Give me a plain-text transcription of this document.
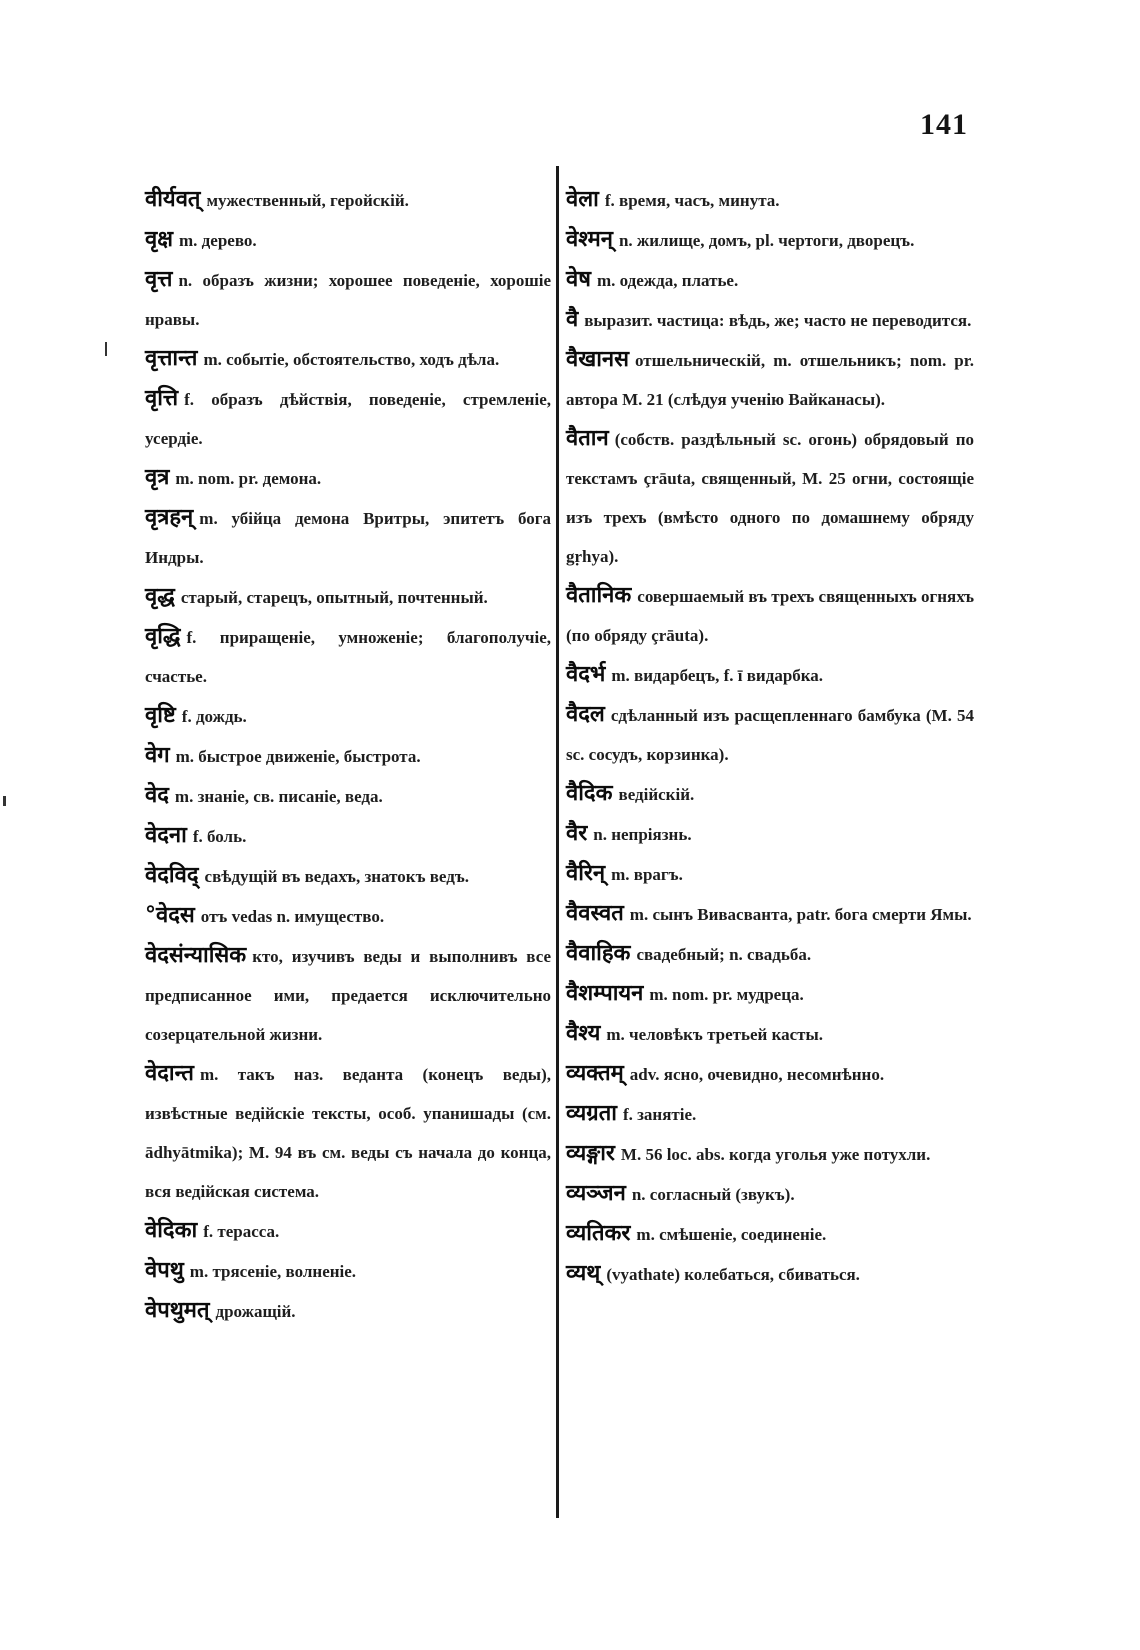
141
वीर्यवत् мужественный, геройскій.
वृक्ष m. дерево.
वृत्त n. образъ жизни; хорошее поведеніе, хорошіе нравы.
वृत्तान्त m. событіе, обстоятельство, ходъ дѣла.
वृत्ति f. образъ дѣйствія, поведеніе, стремленіе, усердіе.
वृत्र m. nom. pr. демона.
वृत्रहन् m. убійца демона Вритры, эпитетъ бога Индры.
वृद्ध старый, старецъ, опытный, почтенный.
वृद्धि f. приращеніе, умноженіе; благополучіе, счастье.
वृष्टि f. дождь.
वेग m. быстрое движеніе, быстрота.
वेद m. знаніе, св. писаніе, веда.
वेदना f. боль.
वेदविद् свѣдущій въ ведахъ, знатокъ ведъ.
°वेदस отъ vedas n. имущество.
वेदसंन्यासिक кто, изучивъ веды и выполнивъ все предписанное ими, предается исключительно созерцательной жизни.
वेदान्त m. такъ наз. веданта (конецъ веды), извѣстные ведійскіе тексты, особ. упанишады (см. ādhyātmika); M. 94 въ см. веды съ начала до конца, вся ведійская система.
वेदिका f. терасса.
वेपथु m. трясеніе, волненіе.
वेपथुमत् дрожащій.
वेला f. время, часъ, минута.
वेश्मन् n. жилище, домъ, pl. чертоги, дворецъ.
वेष m. одежда, платье.
वै выразит. частица: вѣдь, же; часто не переводится.
वैखानस отшельническій, m. отшельникъ; nom. pr. автора M. 21 (слѣдуя ученію Вайканасы).
वैतान (собств. раздѣльный sc. огонь) обрядовый по текстамъ çrāuta, священный, M. 25 огни, состоящіе изъ трехъ (вмѣсто одного по домашнему обряду gṛhya).
वैतानिक совершаемый въ трехъ священныхъ огняхъ (по обряду çrāuta).
वैदर्भ m. видарбецъ, f. ī видарбка.
वैदल сдѣланный изъ расщепленнаго бамбука (M. 54 sc. сосудъ, корзинка).
वैदिक ведійскій.
वैर n. непріязнь.
वैरिन् m. врагъ.
वैवस्वत m. сынъ Вивасванта, patr. бога смерти Ямы.
वैवाहिक свадебный; n. свадьба.
वैशम्पायन m. nom. pr. мудреца.
वैश्य m. человѣкъ третьей касты.
व्यक्तम् adv. ясно, очевидно, несомнѣнно.
व्यग्रता f. занятіе.
व्यङ्गार M. 56 loc. abs. когда уголья уже потухли.
व्यञ्जन n. согласный (звукъ).
व्यतिकर m. смѣшеніе, соединеніе.
व्यथ् (vyathate) колебаться, сбиваться.
